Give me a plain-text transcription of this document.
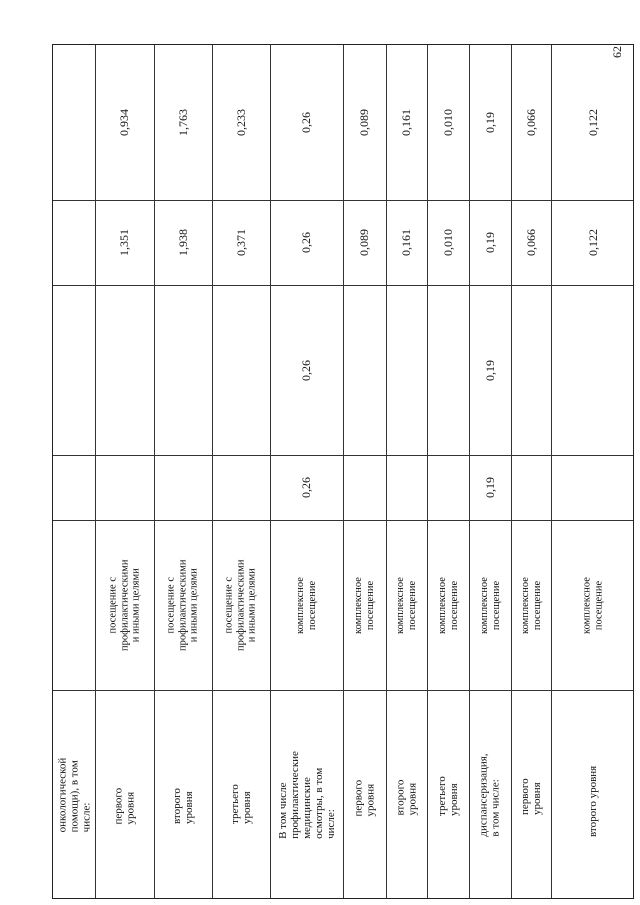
62
онкологической помощи), в том числе: первого уровня
посещение с профилактическими и иными целями
1,351
0,934
второго уровня
посещение с профилактическими и иными целями
1,938
1,763
третьего уровня
посещение с профилактическими и иными целями
0,371
0,233
В том числе профилактические медицинские осмотры, в том числе:
комплексное посещение
0,26
0,26
0,26
0,26
первого уровня
комплексное посещение
0,089
0,089
второго уровня
комплексное посещение
0,161
0,161
третьего уровня
комплексное посещение
0,010
0,010
диспансеризация, в том числе:
комплексное посещение
0,19
0,19
0,19
0,19
первого уровня
комплексное посещение
0,066
0,066
второго уровня
комплексное посещение
0,122
0,122
